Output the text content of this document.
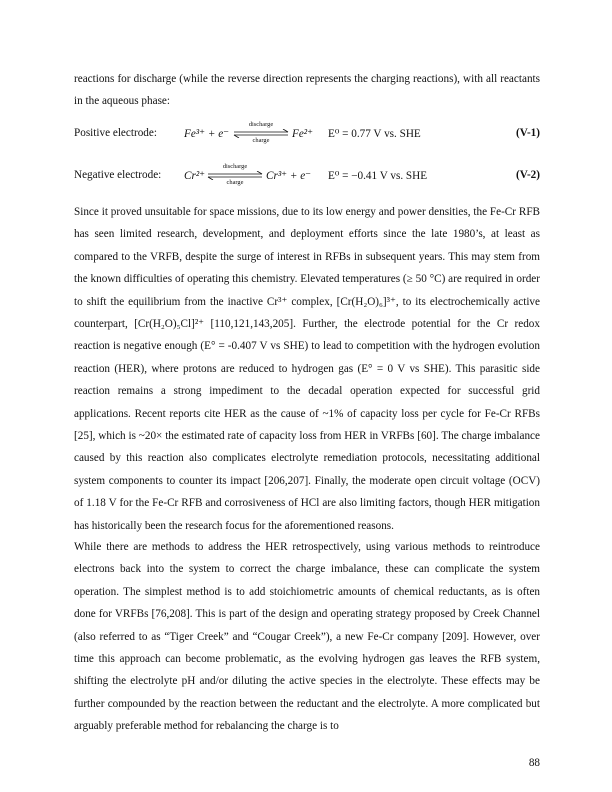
reactions for discharge (while the reverse direction represents the charging reactions), with all reactants in the aqueous phase:

Positive electrode: Fe³⁺ + e⁻
discharge
charge
Fe²⁺ E⁰ = 0.77 V vs. SHE	(V-1)
Negative electrode: Cr²⁺
discharge
charge
Cr³⁺ + e⁻ E⁰ = −0.41 V vs. SHE	(V-2)

Since it proved unsuitable for space missions, due to its low energy and power densities, the Fe-Cr RFB has seen limited research, development, and deployment efforts since the late 1980’s, at least as compared to the VRFB, despite the surge of interest in RFBs in subsequent years. This may stem from the known difficulties of operating this chemistry. Elevated temperatures (≥ 50 °C) are required in order to shift the equilibrium from the inactive Cr³⁺ complex, [Cr(H₂O)₆]³⁺, to its electrochemically active counterpart, [Cr(H₂O)₅Cl]²⁺ [110,121,143,205]. Further, the electrode potential for the Cr redox reaction is negative enough (E° = -0.407 V vs SHE) to lead to competition with the hydrogen evolution reaction (HER), where protons are reduced to hydrogen gas (E° = 0 V vs SHE). This parasitic side reaction remains a strong impediment to the decadal operation expected for successful grid applications. Recent reports cite HER as the cause of ~1% of capacity loss per cycle for Fe-Cr RFBs [25], which is ~20× the estimated rate of capacity loss from HER in VRFBs [60]. The charge imbalance caused by this reaction also complicates electrolyte remediation protocols, necessitating additional system components to counter its impact [206,207]. Finally, the moderate open circuit voltage (OCV) of 1.18 V for the Fe-Cr RFB and corrosiveness of HCl are also limiting factors, though HER mitigation has historically been the research focus for the aforementioned reasons.

While there are methods to address the HER retrospectively, using various methods to reintroduce electrons back into the system to correct the charge imbalance, these can complicate the system operation. The simplest method is to add stoichiometric amounts of chemical reductants, as is often done for VRFBs [76,208]. This is part of the design and operating strategy proposed by Creek Channel (also referred to as “Tiger Creek” and “Cougar Creek”), a new Fe-Cr company [209]. However, over time this approach can become problematic, as the evolving hydrogen gas leaves the RFB system, shifting the electrolyte pH and/or diluting the active species in the electrolyte. These effects may be further compounded by the reaction between the reductant and the electrolyte. A more complicated but arguably preferable method for rebalancing the charge is to

88
